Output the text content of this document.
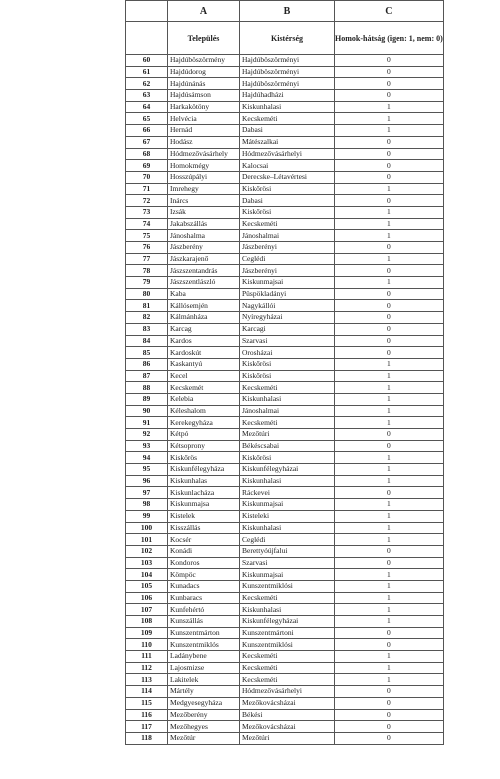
	A	B	C
	Település	Kistérség	Homok-hátság (igen: 1, nem: 0)
60	Hajdúböszörmény	Hajdúböszörményi	0
61	Hajdúdorog	Hajdúböszörményi	0
62	Hajdúnánás	Hajdúböszörményi	0
63	Hajdúsámson	Hajdúhadházi	0
64	Harkakötöny	Kiskunhalasi	1
65	Helvécia	Kecskeméti	1
66	Hernád	Dabasi	1
67	Hodász	Mátészalkai	0
68	Hódmezővásárhely	Hódmezővásárhelyi	0
69	Homokmégy	Kalocsai	0
70	Hosszúpályi	Derecske–Létavértesi	0
71	Imrehegy	Kiskőrösi	1
72	Inárcs	Dabasi	0
73	Izsák	Kiskőrösi	1
74	Jakabszállás	Kecskeméti	1
75	Jánoshalma	Jánoshalmai	1
76	Jászberény	Jászberényi	0
77	Jászkarajenő	Ceglédi	1
78	Jászszentandrás	Jászberényi	0
79	Jászszentlászló	Kiskunmajsai	1
80	Kaba	Püspökladányi	0
81	Kállósemjén	Nagykállói	0
82	Kálmánháza	Nyíregyházai	0
83	Karcag	Karcagi	0
84	Kardos	Szarvasi	0
85	Kardoskút	Orosházai	0
86	Kaskantyú	Kiskőrösi	1
87	Kecel	Kiskőrösi	1
88	Kecskemét	Kecskeméti	1
89	Kelebia	Kiskunhalasi	1
90	Kéleshalom	Jánoshalmai	1
91	Kerekegyháza	Kecskeméti	1
92	Kétpó	Mezőtúri	0
93	Kétsoprony	Békéscsabai	0
94	Kiskőrös	Kiskőrösi	1
95	Kiskunfélegyháza	Kiskunfélegyházai	1
96	Kiskunhalas	Kiskunhalasi	1
97	Kiskunlacháza	Ráckevei	0
98	Kiskunmajsa	Kiskunmajsai	1
99	Kistelek	Kisteleki	1
100	Kisszállás	Kiskunhalasi	1
101	Kocsér	Ceglédi	1
102	Konádi	Berettyóújfalui	0
103	Kondoros	Szarvasi	0
104	Kömpöc	Kiskunmajsai	1
105	Kunadacs	Kunszentmiklósi	1
106	Kunbaracs	Kecskeméti	1
107	Kunfehértó	Kiskunhalasi	1
108	Kunszállás	Kiskunfélegyházai	1
109	Kunszentmárton	Kunszentmártoni	0
110	Kunszentmiklós	Kunszentmiklósi	0
111	Ladánybene	Kecskeméti	1
112	Lajosmizse	Kecskeméti	1
113	Lakitelek	Kecskeméti	1
114	Mártély	Hódmezővásárhelyi	0
115	Medgyesegyháza	Mezőkovácsházai	0
116	Mezőberény	Békési	0
117	Mezőhegyes	Mezőkovácsházai	0
118	Mezőtúr	Mezőtúri	0
